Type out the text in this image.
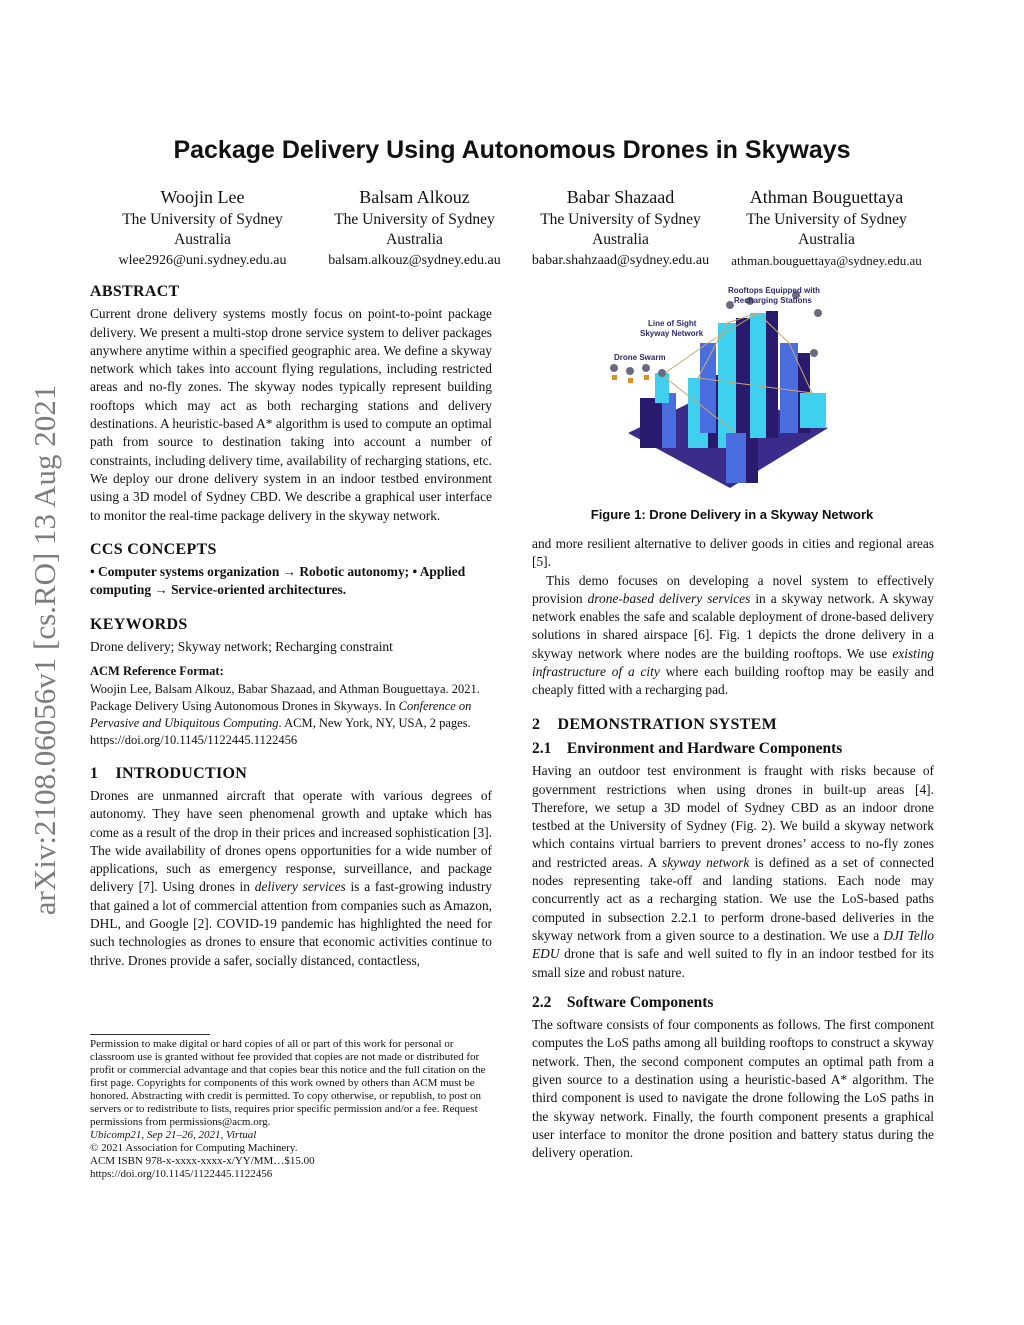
arXiv:2108.06056v1 [cs.RO] 13 Aug 2021
Package Delivery Using Autonomous Drones in Skyways
Woojin Lee
The University of Sydney
Australia
wlee2926@uni.sydney.edu.au
Balsam Alkouz
The University of Sydney
Australia
balsam.alkouz@sydney.edu.au
Babar Shazaad
The University of Sydney
Australia
babar.shahzaad@sydney.edu.au
Athman Bouguettaya
The University of Sydney
Australia
athman.bouguettaya@sydney.edu.au
ABSTRACT

Current drone delivery systems mostly focus on point-to-point package delivery. We present a multi-stop drone service system to deliver packages anywhere anytime within a specified geographic area. We define a skyway network which takes into account flying regulations, including restricted areas and no-fly zones. The skyway nodes typically represent building rooftops which may act as both recharging stations and delivery destinations. A heuristic-based A* algorithm is used to compute an optimal path from source to destination taking into account a number of constraints, including delivery time, availability of recharging stations, etc. We deploy our drone delivery system in an indoor testbed environment using a 3D model of Sydney CBD. We describe a graphical user interface to monitor the real-time package delivery in the skyway network.

CCS CONCEPTS

• Computer systems organization → Robotic autonomy; • Applied computing → Service-oriented architectures.

KEYWORDS

Drone delivery; Skyway network; Recharging constraint

ACM Reference Format:

Woojin Lee, Balsam Alkouz, Babar Shazaad, and Athman Bouguettaya. 2021. Package Delivery Using Autonomous Drones in Skyways. In Conference on Pervasive and Ubiquitous Computing. ACM, New York, NY, USA, 2 pages. https://doi.org/10.1145/1122445.1122456

1    INTRODUCTION

Drones are unmanned aircraft that operate with various degrees of autonomy. They have seen phenomenal growth and uptake which has come as a result of the drop in their prices and increased sophistication [3]. The wide availability of drones opens opportunities for a wide number of applications, such as emergency response, surveillance, and package delivery [7]. Using drones in delivery services is a fast-growing industry that gained a lot of commercial attention from companies such as Amazon, DHL, and Google [2]. COVID-19 pandemic has highlighted the need for such technologies as drones to ensure that economic activities continue to thrive. Drones provide a safer, socially distanced, contactless,

Permission to make digital or hard copies of all or part of this work for personal or classroom use is granted without fee provided that copies are not made or distributed for profit or commercial advantage and that copies bear this notice and the full citation on the first page. Copyrights for components of this work owned by others than ACM must be honored. Abstracting with credit is permitted. To copy otherwise, or republish, to post on servers or to redistribute to lists, requires prior specific permission and/or a fee. Request permissions from permissions@acm.org.

Ubicomp21, Sep 21–26, 2021, Virtual

© 2021 Association for Computing Machinery.

ACM ISBN 978-x-xxxx-xxxx-x/YY/MM…$15.00

https://doi.org/10.1145/1122445.1122456

Rooftops Equipped with
Recharging Stations
Line of Sight
Skyway Network
Drone Swarm
Figure 1: Drone Delivery in a Skyway Network

and more resilient alternative to deliver goods in cities and regional areas [5].

This demo focuses on developing a novel system to effectively provision drone-based delivery services in a skyway network. A skyway network enables the safe and scalable deployment of drone-based delivery solutions in shared airspace [6]. Fig. 1 depicts the drone delivery in a skyway network where nodes are the building rooftops. We use existing infrastructure of a city where each building rooftop may be easily and cheaply fitted with a recharging pad.

2    DEMONSTRATION SYSTEM
2.1    Environment and Hardware Components

Having an outdoor test environment is fraught with risks because of government restrictions when using drones in built-up areas [4]. Therefore, we setup a 3D model of Sydney CBD as an indoor drone testbed at the University of Sydney (Fig. 2). We build a skyway network which contains virtual barriers to prevent drones’ access to no-fly zones and restricted areas. A skyway network is defined as a set of connected nodes representing take-off and landing stations. Each node may concurrently act as a recharging station. We use the LoS-based paths computed in subsection 2.2.1 to perform drone-based deliveries in the skyway network from a given source to a destination. We use a DJI Tello EDU drone that is safe and well suited to fly in an indoor testbed for its small size and robust nature.

2.2    Software Components

The software consists of four components as follows. The first component computes the LoS paths among all building rooftops to construct a skyway network. Then, the second component computes an optimal path from a given source to a destination using a heuristic-based A* algorithm. The third component is used to navigate the drone following the LoS paths in the skyway network. Finally, the fourth component presents a graphical user interface to monitor the drone position and battery status during the delivery operation.
